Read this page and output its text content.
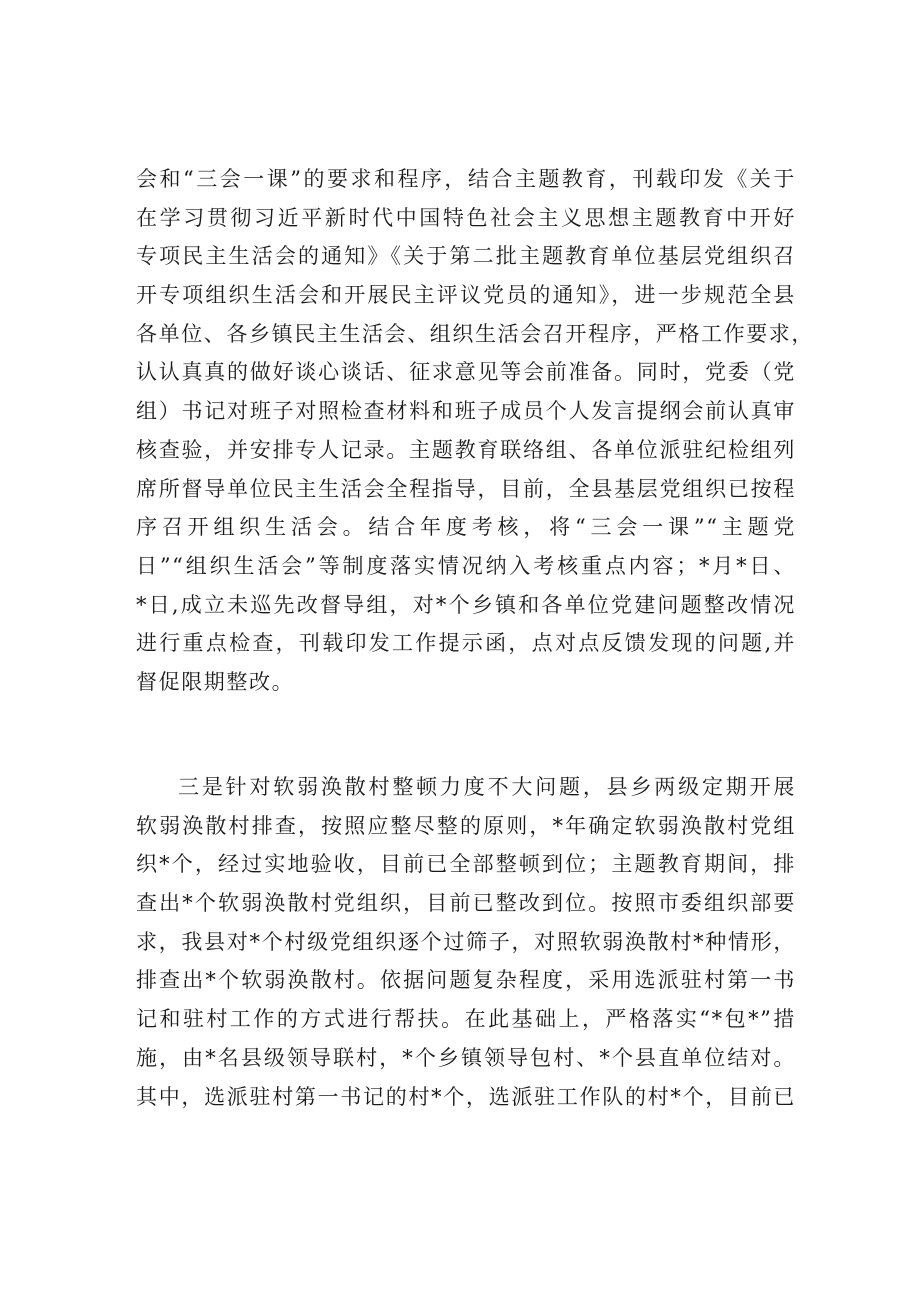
会和“三会一课”的要求和程序，结合主题教育，刊载印发《关于
在学习贯彻习近平新时代中国特色社会主义思想主题教育中开好
专项民主生活会的通知》《关于第二批主题教育单位基层党组织召
开专项组织生活会和开展民主评议党员的通知》，进一步规范全县
各单位、各乡镇民主生活会、组织生活会召开程序，严格工作要求，
认认真真的做好谈心谈话、征求意见等会前准备。同时，党委（党
组）书记对班子对照检查材料和班子成员个人发言提纲会前认真审
核查验，并安排专人记录。主题教育联络组、各单位派驻纪检组列
席所督导单位民主生活会全程指导，目前，全县基层党组织已按程
序召开组织生活会。结合年度考核，将“三会一课”“主题党
日”“组织生活会”等制度落实情况纳入考核重点内容；*月*日、
*日,成立未巡先改督导组，对*个乡镇和各单位党建问题整改情况
进行重点检查，刊载印发工作提示函，点对点反馈发现的问题,并
督促限期整改。
三是针对软弱涣散村整顿力度不大问题，县乡两级定期开展
软弱涣散村排查，按照应整尽整的原则，*年确定软弱涣散村党组
织*个，经过实地验收，目前已全部整顿到位；主题教育期间，排
查出*个软弱涣散村党组织，目前已整改到位。按照市委组织部要
求，我县对*个村级党组织逐个过筛子，对照软弱涣散村*种情形，
排查出*个软弱涣散村。依据问题复杂程度，采用选派驻村第一书
记和驻村工作的方式进行帮扶。在此基础上，严格落实“*包*”措
施，由*名县级领导联村，*个乡镇领导包村、*个县直单位结对。
其中，选派驻村第一书记的村*个，选派驻工作队的村*个，目前已
